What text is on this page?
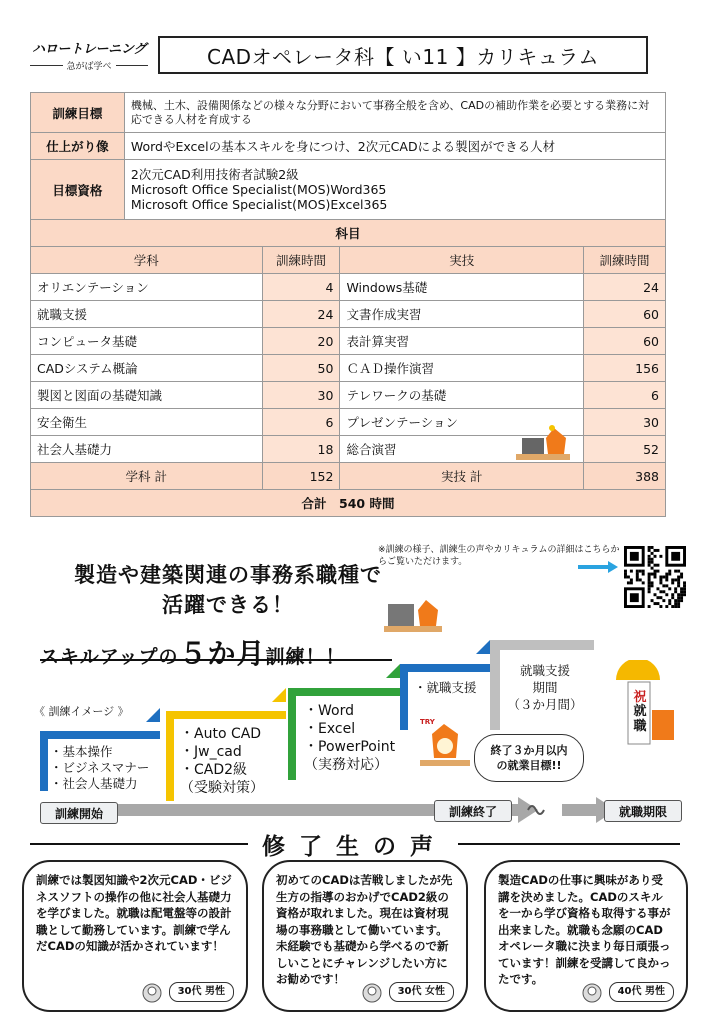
ハロートレーニング
急がば学べ	CADオペレータ科【 い11 】カリキュラム
訓練目標	機械、土木、設備関係などの様々な分野において事務全般を含め、CADの補助作業を必要とする業務に対応できる人材を育成する			
仕上がり像	WordやExcelの基本スキルを身につけ、2次元CADによる製図ができる人材			
目標資格	2次元CAD利用技術者試験2級
Microsoft Office Specialist(MOS)Word365
Microsoft Office Specialist(MOS)Excel365			

科目				
学科		訓練時間	実技	訓練時間
オリエンテーション		4	Windows基礎	24
就職支援		24	文書作成実習	60
コンピュータ基礎		20	表計算実習	60
CADシステム概論		50	ＣＡＤ操作演習	156
製図と図面の基礎知識		30	テレワークの基礎	6
安全衛生		6	プレゼンテーション	30
社会人基礎力		18	総合演習	52
学科 計		152	実技 計	388
合計　540 時間				
製造や建築関連の事務系職種で
活躍できる！
※訓練の様子、訓練生の声やカリキュラムの詳細はこちらからご覧いただけます。
スキルアップの５か月訓練！！
《 訓練イメージ 》
・基本操作
・ビジネスマナー
・社会人基礎力
・Auto CAD
・Jw_cad
・CAD2級
（受験対策）
・Word
・Excel
・PowerPoint
（実務対応）
・就職支援
就職支援
期間
（３か月間）	祝
就職
TRY
訓練開始	訓練終了	就職期限
終了３か月以内
の就業目標!!
修了生の声
訓練では製図知識や2次元CAD・ビジネスソフトの操作の他に社会人基礎力を学びました。就職は配電盤等の設計職として勤務しています。訓練で学んだCADの知識が活かされています！
30代 男性
初めてのCADは苦戦しましたが先生方の指導のおかげでCAD2級の資格が取れました。現在は資材現場の事務職として働いています。未経験でも基礎から学べるので新しいことにチャレンジしたい方にお勧めです！
30代 女性
製造CADの仕事に興味があり受講を決めました。CADのスキルを一から学び資格も取得する事が出来ました。就職も念願のCADオペレータ職に決まり毎日頑張っています！訓練を受講して良かったです。
40代 男性
